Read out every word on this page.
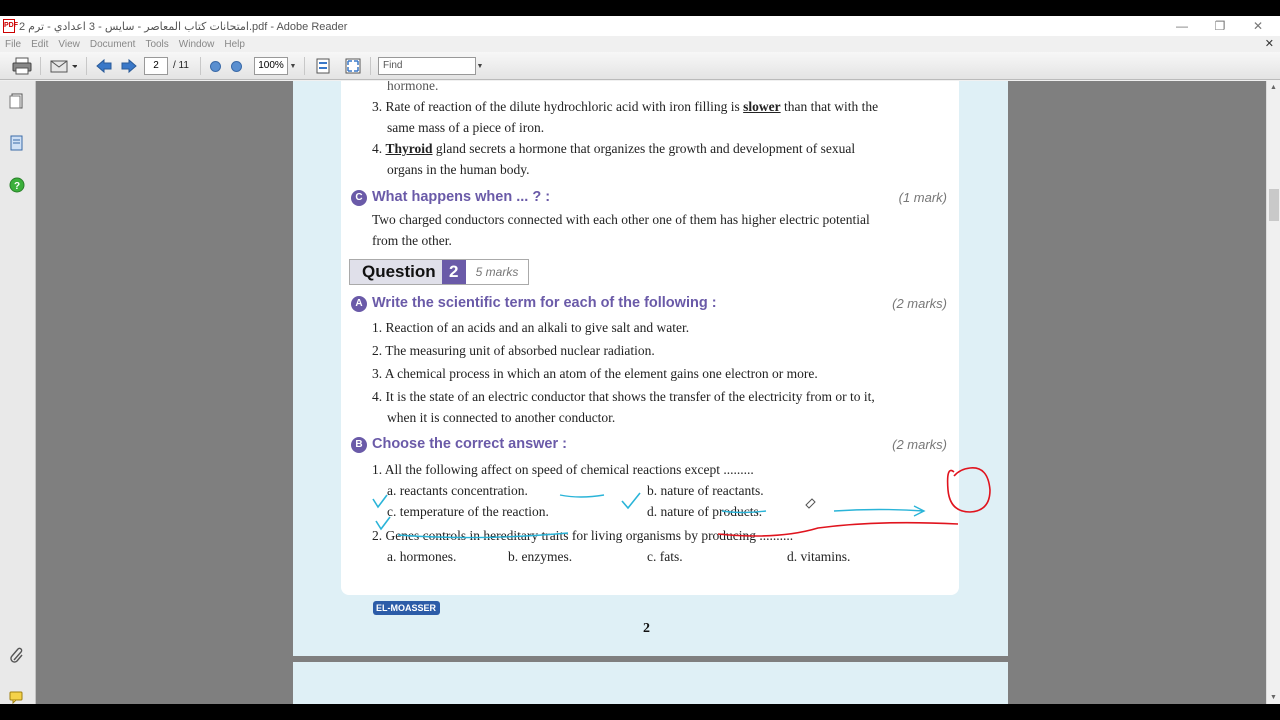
PDF امتحانات كتاب المعاصر - سايس - 3 اعدادي - ترم 2.pdf - Adobe Reader	—	❐	✕
File Edit View Document Tools Window Help	✕
2	/ 11	100% ▼	Find	▼
?
hormone.
3. Rate of reaction of the dilute hydrochloric acid with iron filling is slower than that with the
same mass of a piece of iron.
4. Thyroid gland secrets a hormone that organizes the growth and development of sexual
organs in the human body.
C What happens when ... ? :	(1 mark)
Two charged conductors connected with each other one of them has higher electric potential
from the other.
Question 2	5 marks
A Write the scientific term for each of the following :	(2 marks)
1. Reaction of an acids and an alkali to give salt and water.
2. The measuring unit of absorbed nuclear radiation.
3. A chemical process in which an atom of the element gains one electron or more.
4. It is the state of an electric conductor that shows the transfer of the electricity from or to it,
when it is connected to another conductor.
B Choose the correct answer :	(2 marks)
1. All the following affect on speed of chemical reactions except .........
a. reactants concentration.	b. nature of reactants.
c. temperature of the reaction.	d. nature of products.
2. Genes controls in hereditary traits for living organisms by producing ..........
a. hormones.	b. enzymes.	c. fats.	d. vitamins.
EL-MOASSER
2
▲
▼
